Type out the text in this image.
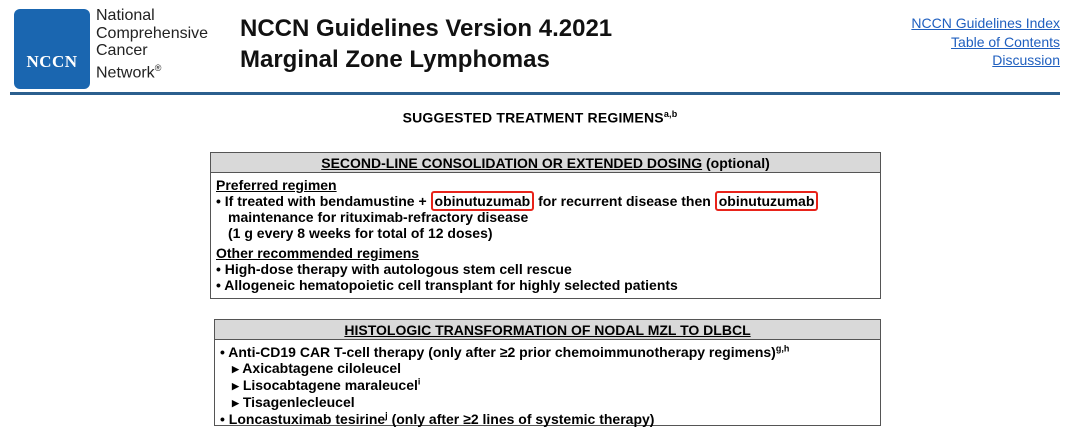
NCCN
National
Comprehensive
Cancer
Network®
NCCN Guidelines Version 4.2021
Marginal Zone Lymphomas
NCCN Guidelines Index
Table of Contents
Discussion
SUGGESTED TREATMENT REGIMENS$^{a,b}$
SECOND-LINE CONSOLIDATION OR EXTENDED DOSING (optional)
Preferred regimen
• If treated with bendamustine + obinutuzumab for recurrent disease then obinutuzumab
maintenance for rituximab-refractory disease
(1 g every 8 weeks for total of 12 doses)
Other recommended regimens
• High-dose therapy with autologous stem cell rescue
• Allogeneic hematopoietic cell transplant for highly selected patients
HISTOLOGIC TRANSFORMATION OF NODAL MZL TO DLBCL
• Anti-CD19 CAR T-cell therapy (only after ≥2 prior chemoimmunotherapy regimens)$^{g,h}$
▶ Axicabtagene ciloleucel
▶ Lisocabtagene maraleucel$^i$
▶ Tisagenlecleucel
• Loncastuximab tesirine$^j$ (only after ≥2 lines of systemic therapy)
